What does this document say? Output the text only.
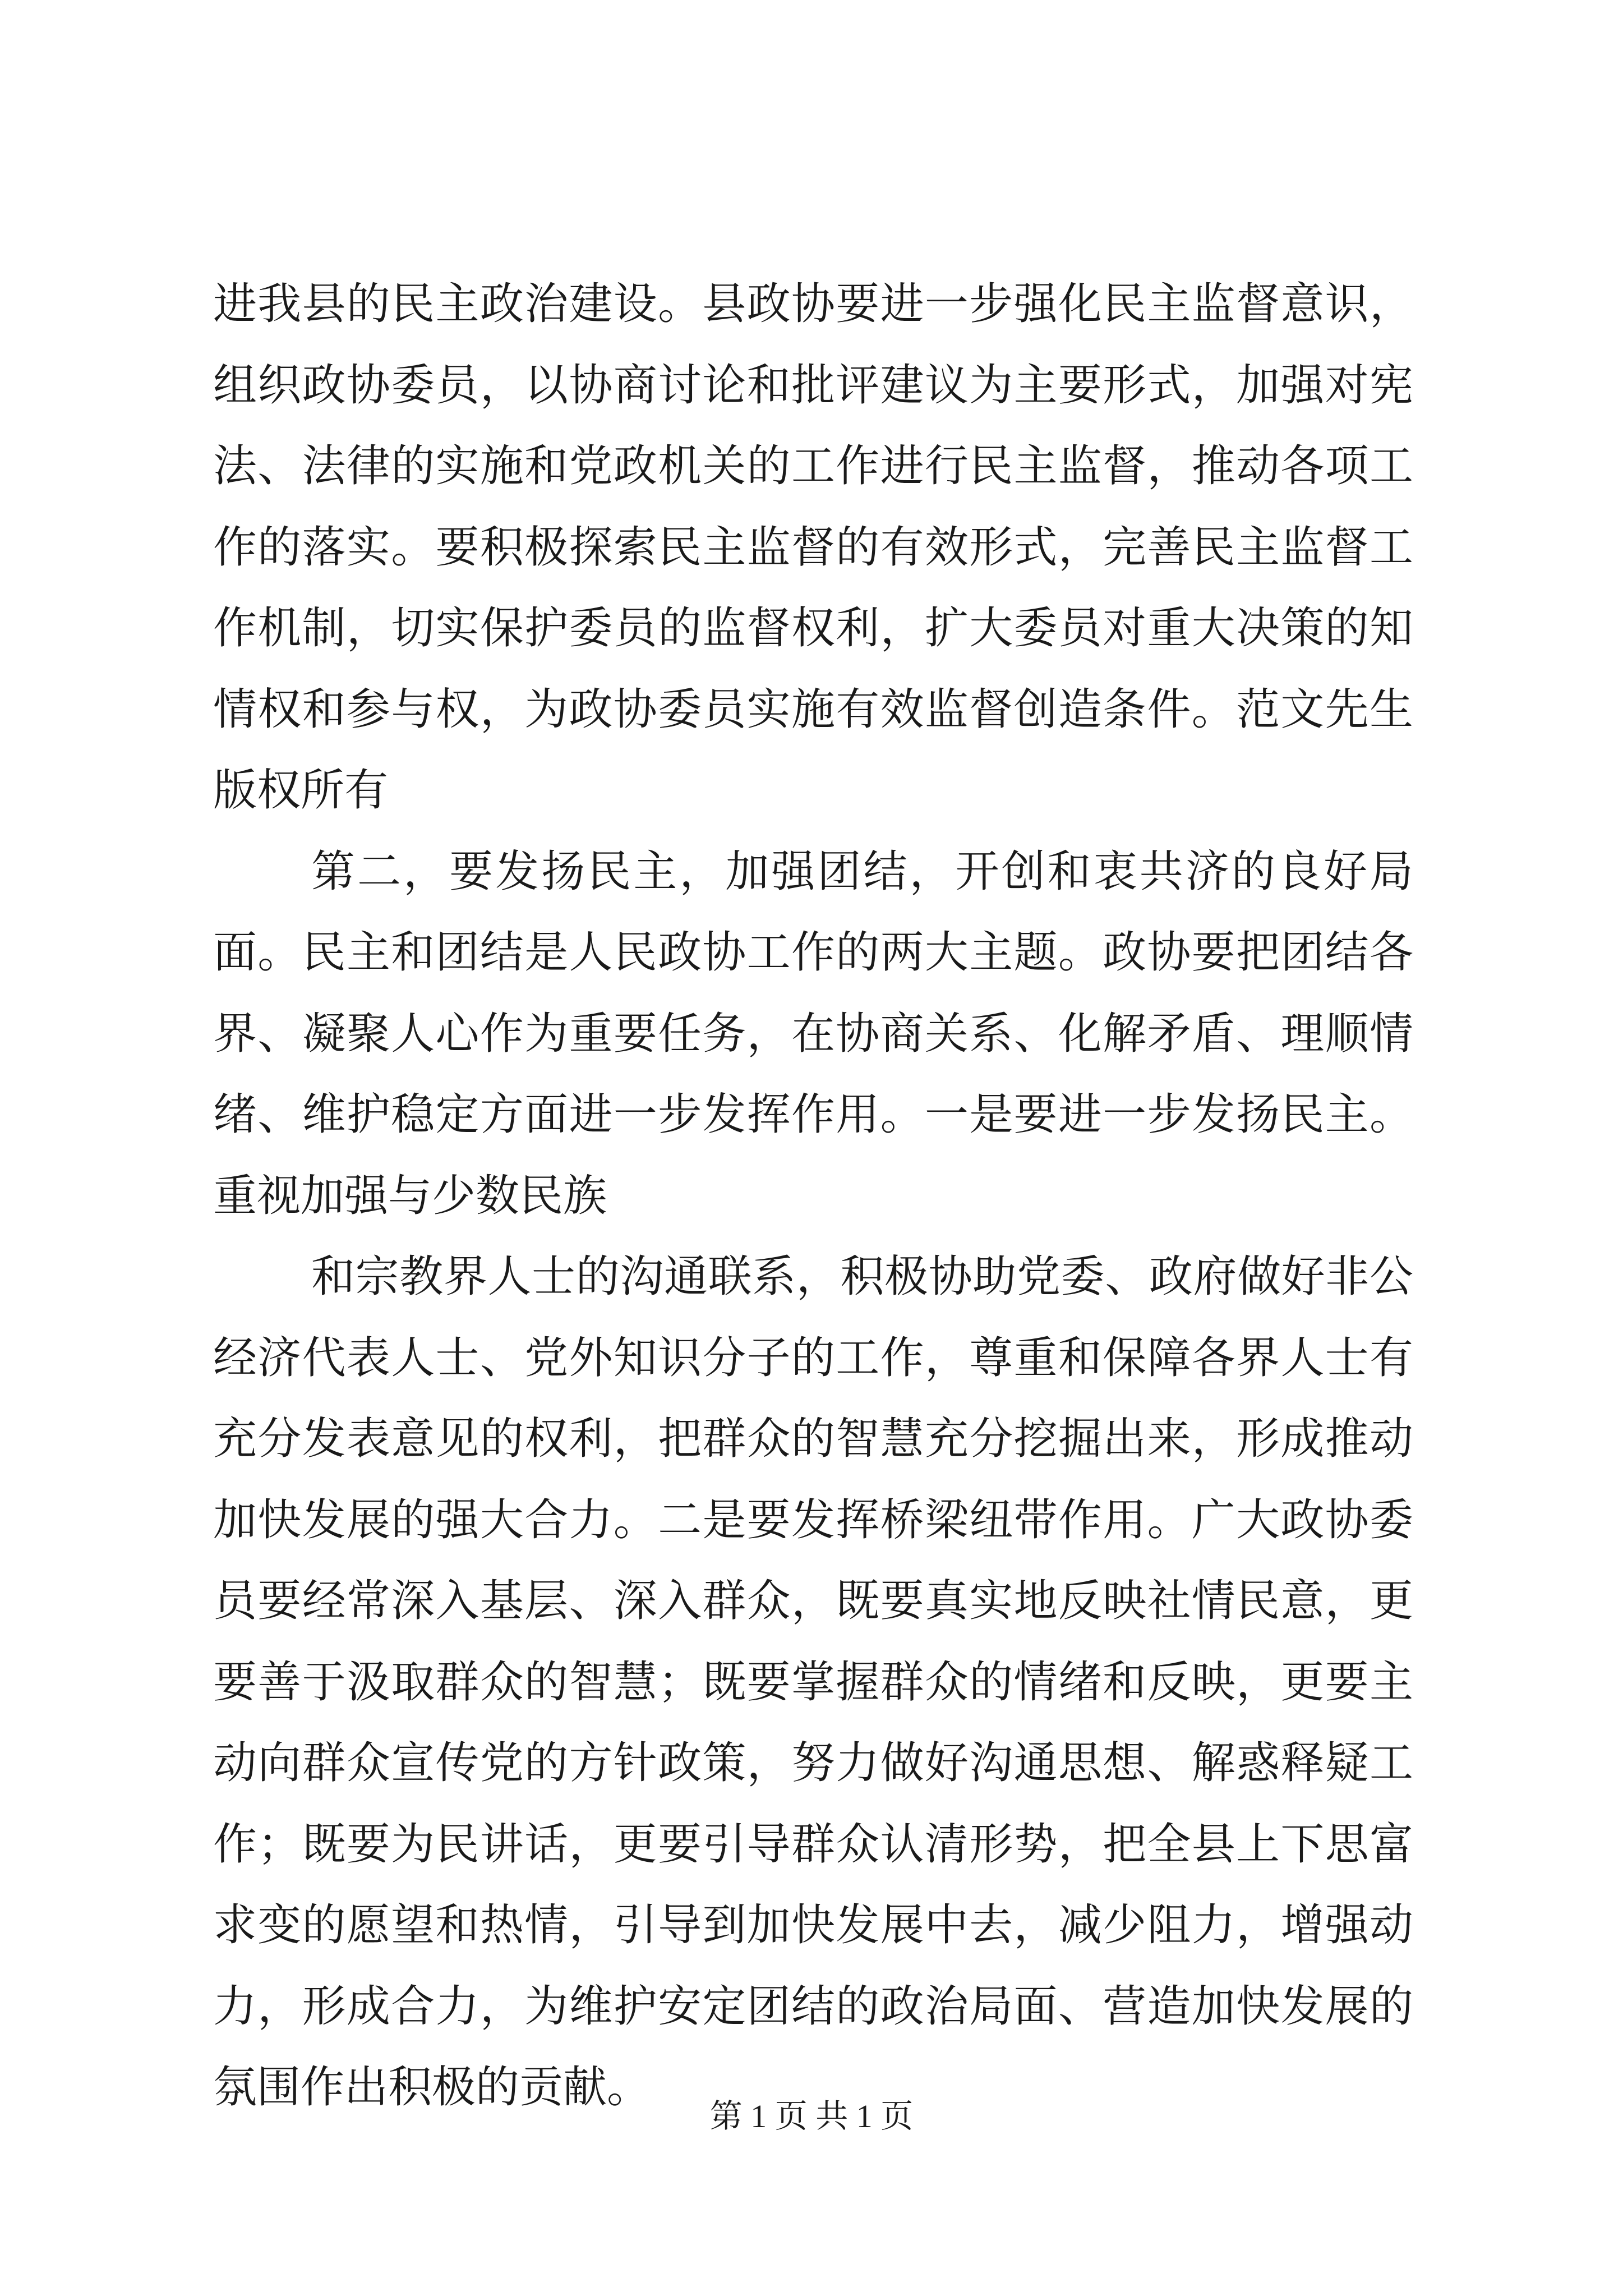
进我县的民主政治建设。县政协要进一步强化民主监督意识，组织政协委员，以协商讨论和批评建议为主要形式，加强对宪法、法律的实施和党政机关的工作进行民主监督，推动各项工作的落实。要积极探索民主监督的有效形式，完善民主监督工作机制，切实保护委员的监督权利，扩大委员对重大决策的知情权和参与权，为政协委员实施有效监督创造条件。范文先生版权所有

第二，要发扬民主，加强团结，开创和衷共济的良好局面。民主和团结是人民政协工作的两大主题。政协要把团结各界、凝聚人心作为重要任务，在协商关系、化解矛盾、理顺情绪、维护稳定方面进一步发挥作用。一是要进一步发扬民主。重视加强与少数民族

和宗教界人士的沟通联系，积极协助党委、政府做好非公经济代表人士、党外知识分子的工作，尊重和保障各界人士有充分发表意见的权利，把群众的智慧充分挖掘出来，形成推动加快发展的强大合力。二是要发挥桥梁纽带作用。广大政协委员要经常深入基层、深入群众，既要真实地反映社情民意，更要善于汲取群众的智慧；既要掌握群众的情绪和反映，更要主动向群众宣传党的方针政策，努力做好沟通思想、解惑释疑工作；既要为民讲话，更要引导群众认清形势，把全县上下思富求变的愿望和热情，引导到加快发展中去，减少阻力，增强动力，形成合力，为维护安定团结的政治局面、营造加快发展的氛围作出积极的贡献。

第 1 页 共 1 页
